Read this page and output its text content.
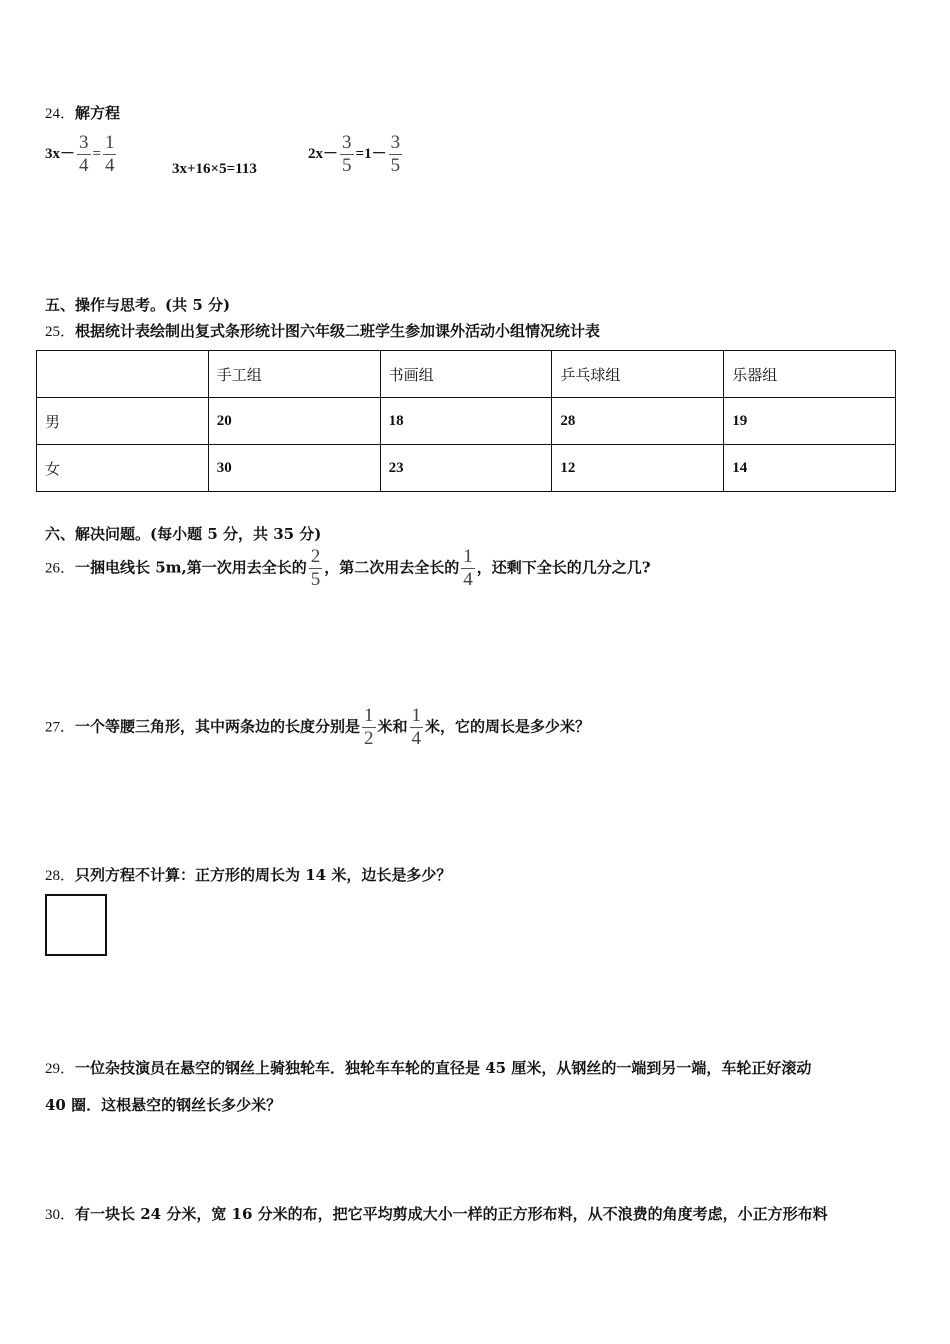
24．解方程
$3x- \frac{3}{4} = \frac{1}{4}$	3x+16×5=113
$2x- \frac{3}{5} =1- \frac{3}{5}$
五、操作与思考。(共 5 分)
25．根据统计表绘制出复式条形统计图六年级二班学生参加课外活动小组情况统计表
	手工组	书画组	乒乓球组	乐器组
男	20	18	28	19
女	30	23	12	14
六、解决问题。(每小题 5 分，共 35 分)
26．一捆电线长 5m,第一次用去全长的 $\frac{2}{5}$ ，第二次用去全长的 $\frac{1}{4}$ ，还剩下全长的几分之几?
27．一个等腰三角形，其中两条边的长度分别是 $\frac{1}{2}$ 米和 $\frac{1}{4}$ 米，它的周长是多少米？
28．只列方程不计算：正方形的周长为 14 米，边长是多少？
29．一位杂技演员在悬空的钢丝上骑独轮车．独轮车车轮的直径是 45 厘米，从钢丝的一端到另一端，车轮正好滚动
40 圈．这根悬空的钢丝长多少米？
30．有一块长 24 分米，宽 16 分米的布，把它平均剪成大小一样的正方形布料，从不浪费的角度考虑，小正方形布料
